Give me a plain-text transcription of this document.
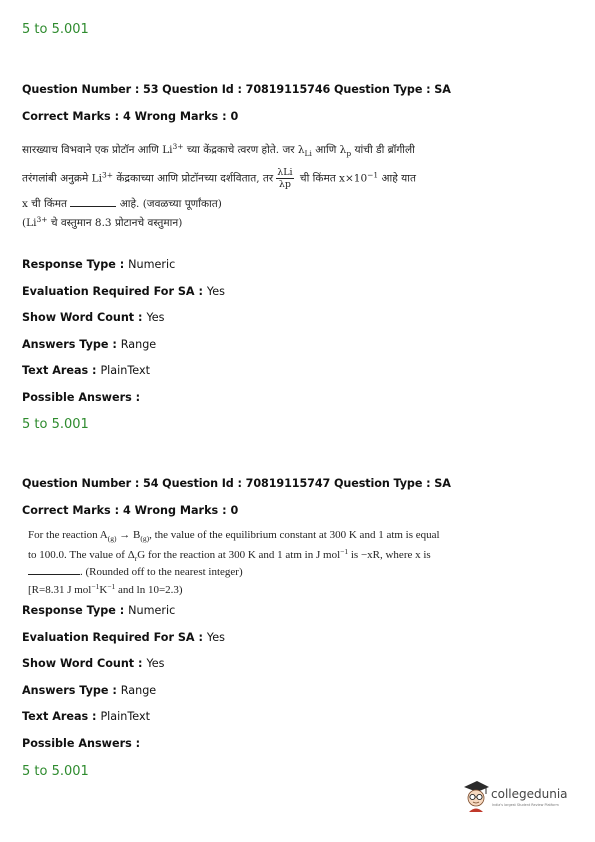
5 to 5.001
Question Number : 53 Question Id : 70819115746 Question Type : SA
Correct Marks : 4 Wrong Marks : 0
सारख्याच विभवाने एक प्रोटॉन आणि $Li^{3+}$ च्या केंद्रकाचे त्वरण होते. जर $\lambda_{Li}$ आणि $\lambda_p$ यांची डी ब्रॉगीली
तरंगलांबी अनुक्रमे $Li^{3+}$ केंद्रकाच्या आणि प्रोटॉनच्या दर्शवितात, तर $\frac{\text{λLi}}{\lambda p}$ ची किंमत $x\times 10^{-1}$ आहे यात
x ची किंमत	आहे. (जवळच्या पूर्णांकात)
($Li^{3+}$ चे वस्तुमान 8.3 प्रोटानचे वस्तुमान)
Response Type : Numeric
Evaluation Required For SA : Yes
Show Word Count : Yes
Answers Type : Range
Text Areas : PlainText
Possible Answers :
5 to 5.001
Question Number : 54 Question Id : 70819115747 Question Type : SA
Correct Marks : 4 Wrong Marks : 0
For the reaction $A_{(g)} \to B_{(g)}$, the value of the equilibrium constant at 300 K and 1 atm is equal
to 100.0. The value of $\Delta_rG$ for the reaction at 300 K and 1 atm in J mol$^{-1}$ is −xR, where x is
. (Rounded off to the nearest integer)
[R=8.31 J $mol^{-1}K^{-1}$ and ln 10=2.3)
Response Type : Numeric
Evaluation Required For SA : Yes
Show Word Count : Yes
Answers Type : Range
Text Areas : PlainText
Possible Answers :
5 to 5.001
collegedunia
India's largest Student Review Platform
